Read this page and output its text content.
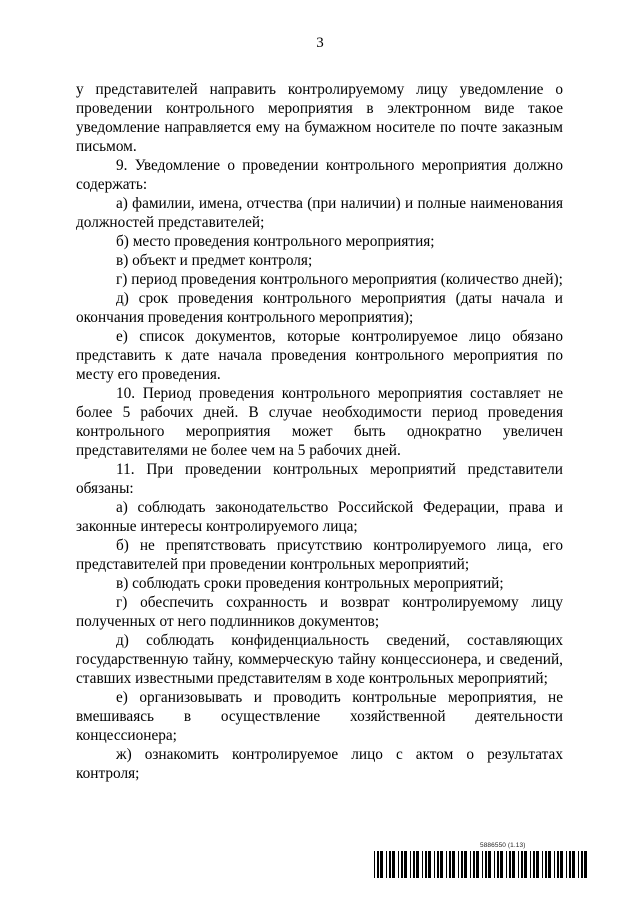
3

у представителей направить контролируемому лицу уведомление о проведении контрольного мероприятия в электронном виде такое уведомление направляется ему на бумажном носителе по почте заказным письмом.

9. Уведомление о проведении контрольного мероприятия должно содержать:

а) фамилии, имена, отчества (при наличии) и полные наименования должностей представителей;

б) место проведения контрольного мероприятия;

в) объект и предмет контроля;

г) период проведения контрольного мероприятия (количество дней);

д) срок проведения контрольного мероприятия (даты начала и окончания проведения контрольного мероприятия);

е) список документов, которые контролируемое лицо обязано представить к дате начала проведения контрольного мероприятия по месту его проведения.

10. Период проведения контрольного мероприятия составляет не более 5 рабочих дней. В случае необходимости период проведения контрольного мероприятия может быть однократно увеличен представителями не более чем на 5 рабочих дней.

11. При проведении контрольных мероприятий представители обязаны:

а) соблюдать законодательство Российской Федерации, права и законные интересы контролируемого лица;

б) не препятствовать присутствию контролируемого лица, его представителей при проведении контрольных мероприятий;

в) соблюдать сроки проведения контрольных мероприятий;

г) обеспечить сохранность и возврат контролируемому лицу полученных от него подлинников документов;

д) соблюдать конфиденциальность сведений, составляющих государственную тайну, коммерческую тайну концессионера, и сведений, ставших известными представителям в ходе контрольных мероприятий;

е) организовывать и проводить контрольные мероприятия, не вмешиваясь в осуществление хозяйственной деятельности концессионера;

ж) ознакомить контролируемое лицо с актом о результатах контроля;

5886550 (1.13)
